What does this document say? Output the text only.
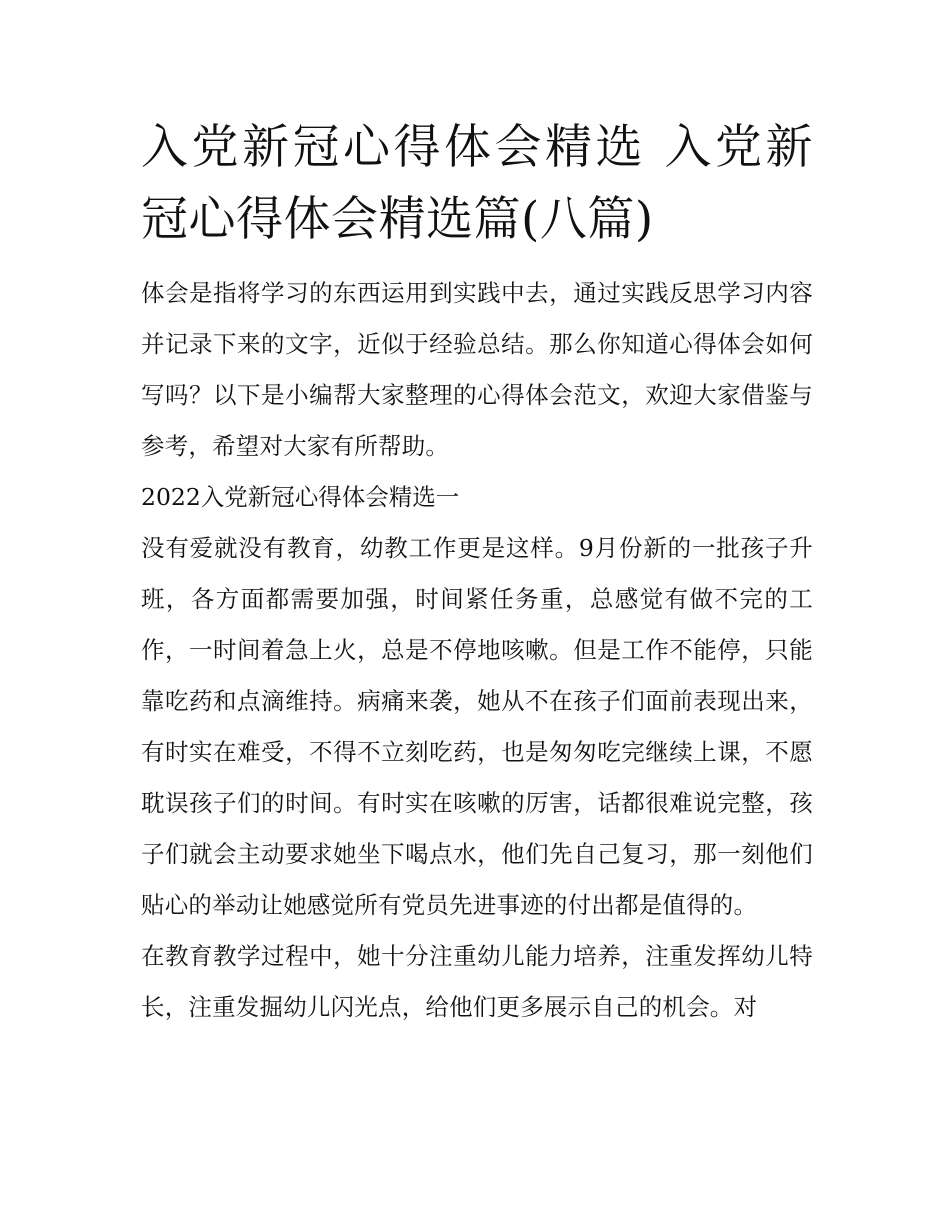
入党新冠心得体会精选 入党新冠心得体会精选篇(八篇)

体会是指将学习的东西运用到实践中去，通过实践反思学习内容并记录下来的文字，近似于经验总结。那么你知道心得体会如何写吗？以下是小编帮大家整理的心得体会范文，欢迎大家借鉴与参考，希望对大家有所帮助。

2022入党新冠心得体会精选一

没有爱就没有教育，幼教工作更是这样。9月份新的一批孩子升班，各方面都需要加强，时间紧任务重，总感觉有做不完的工作，一时间着急上火，总是不停地咳嗽。但是工作不能停，只能靠吃药和点滴维持。病痛来袭，她从不在孩子们面前表现出来，有时实在难受，不得不立刻吃药，也是匆匆吃完继续上课，不愿耽误孩子们的时间。有时实在咳嗽的厉害，话都很难说完整，孩子们就会主动要求她坐下喝点水，他们先自己复习，那一刻他们贴心的举动让她感觉所有党员先进事迹的付出都是值得的。

在教育教学过程中，她十分注重幼儿能力培养，注重发挥幼儿特长，注重发掘幼儿闪光点，给他们更多展示自己的机会。对
